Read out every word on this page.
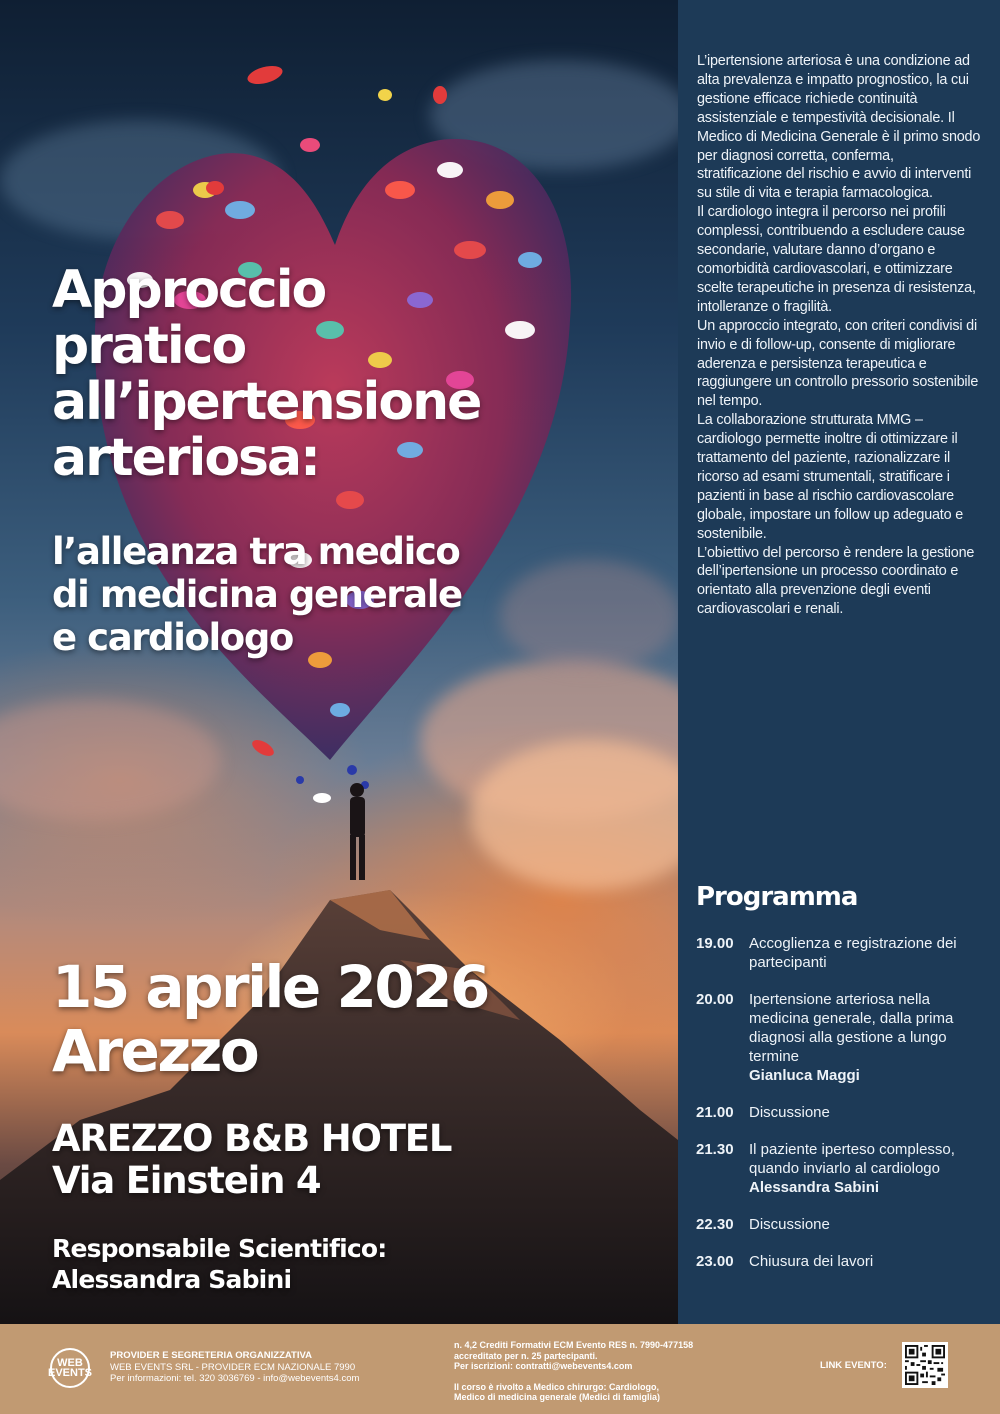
Approccio
pratico
all’ipertensione
arteriosa:
l’alleanza tra medico
di medicina generale
e cardiologo
15 aprile 2026
Arezzo
AREZZO B&B HOTEL
Via Einstein 4
Responsabile Scientifico:
Alessandra Sabini

L’ipertensione arteriosa è una condizione ad alta prevalenza e impatto prognostico, la cui gestione efficace richiede continuità assistenziale e tempestività decisionale. Il Medico di Medicina Generale è il primo snodo per diagnosi corretta, conferma, stratificazione del rischio e avvio di interventi su stile di vita e terapia farmacologica.

Il cardiologo integra il percorso nei profili complessi, contribuendo a escludere cause secondarie, valutare danno d’organo e comorbidità cardiovascolari, e ottimizzare scelte terapeutiche in presenza di resistenza, intolleranze o fragilità.

Un approccio integrato, con criteri condivisi di invio e di follow-up, consente di migliorare aderenza e persistenza terapeutica e raggiungere un controllo pressorio sostenibile nel tempo.

La collaborazione strutturata MMG – cardiologo permette inoltre di ottimizzare il trattamento del paziente, razionalizzare il ricorso ad esami strumentali, stratificare i pazienti in base al rischio cardiovascolare globale, impostare un follow up adeguato e sostenibile.

L’obiettivo del percorso è rendere la gestione dell’ipertensione un processo coordinato e orientato alla prevenzione degli eventi cardiovascolari e renali.

Programma
19.00	Accoglienza e registrazione dei partecipanti
20.00	Ipertensione arteriosa nella medicina generale, dalla prima diagnosi alla gestione a lungo termine
Gianluca Maggi
21.00	Discussione
21.30	Il paziente iperteso complesso, quando inviarlo al cardiologo
Alessandra Sabini
22.30	Discussione
23.00	Chiusura dei lavori
WEB EVENTS
PROVIDER E SEGRETERIA ORGANIZZATIVA
WEB EVENTS SRL - PROVIDER ECM NAZIONALE 7990
Per informazioni: tel. 320 3036769 - info@webevents4.com
n. 4,2 Crediti Formativi ECM Evento RES n. 7990-477158
accreditato per n. 25 partecipanti.
Per iscrizioni: contratti@webevents4.com
Il corso è rivolto a Medico chirurgo: Cardiologo,
Medico di medicina generale (Medici di famiglia)
LINK EVENTO:
